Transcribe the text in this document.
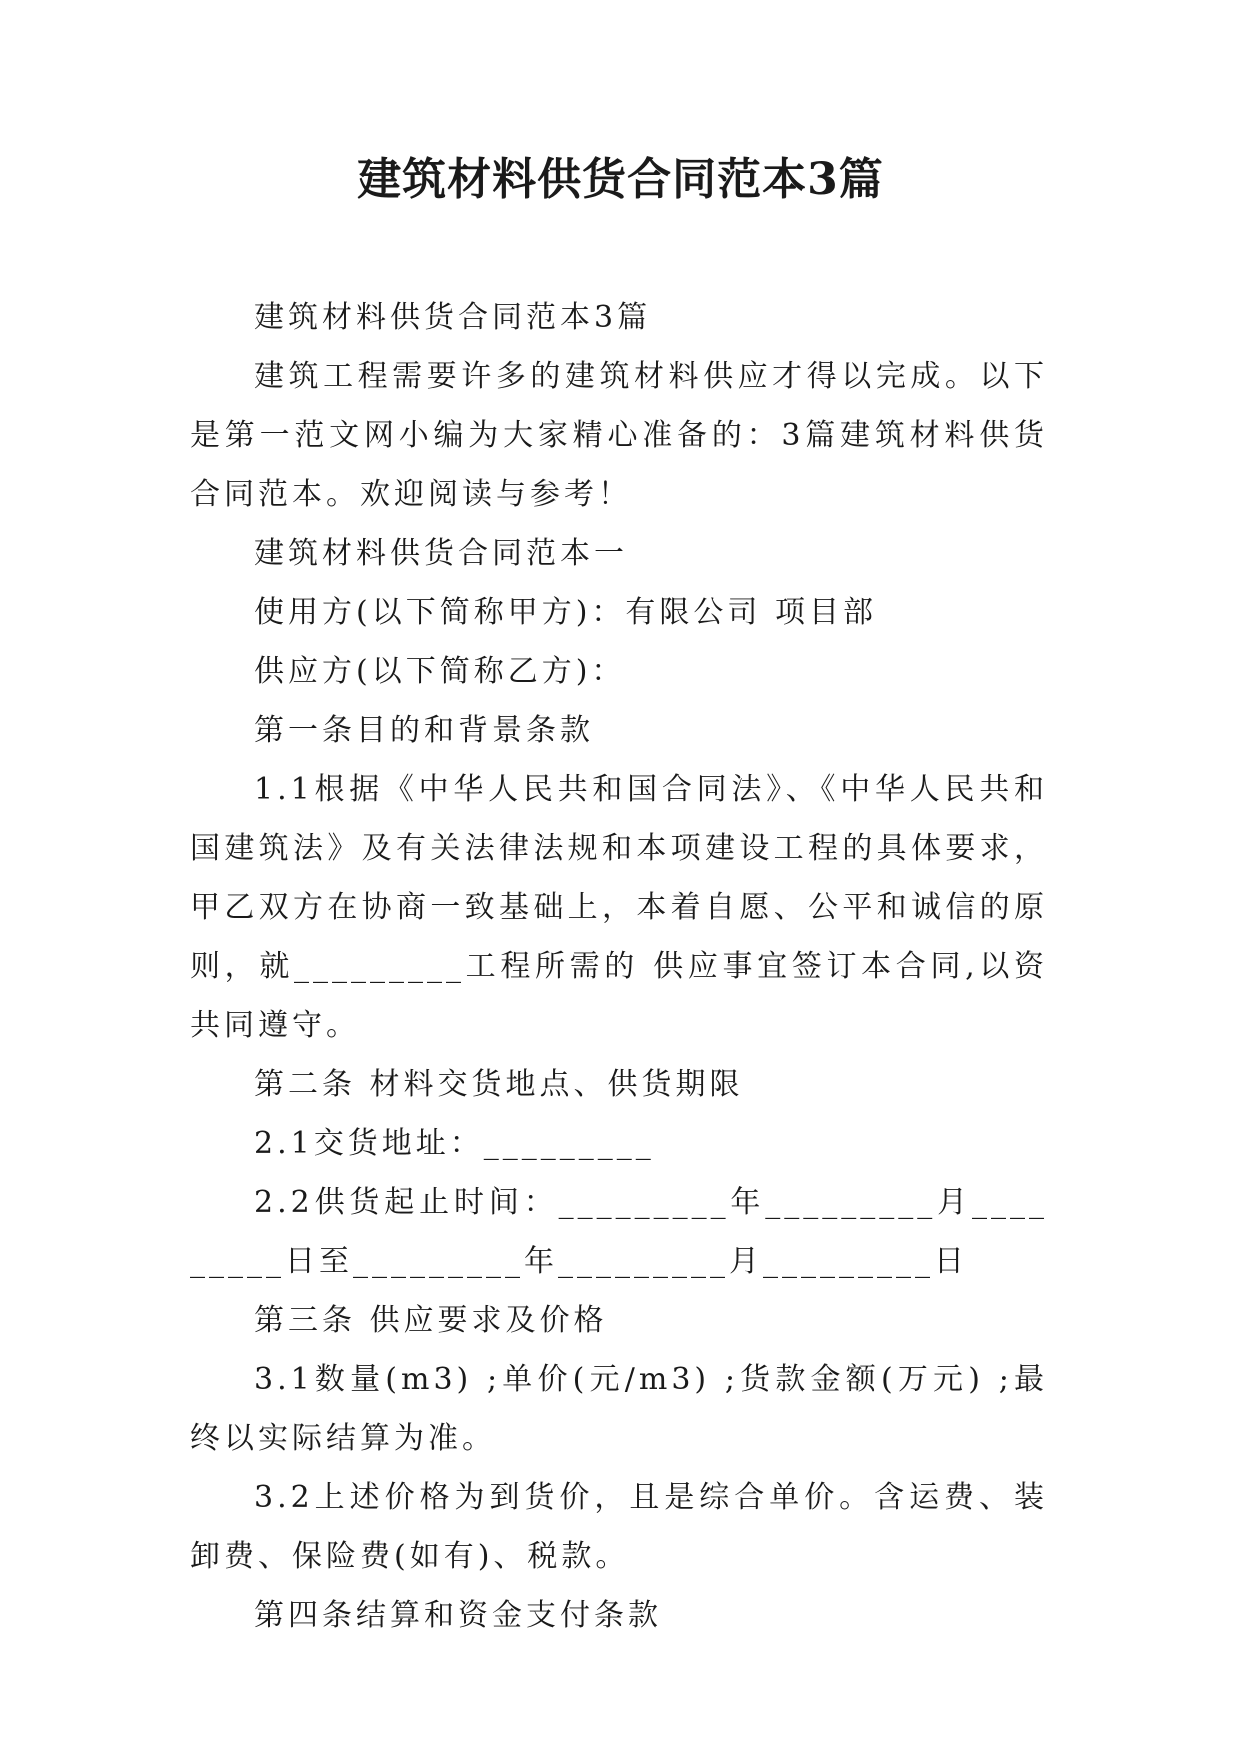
建筑材料供货合同范本3篇

建筑材料供货合同范本3篇

建筑工程需要许多的建筑材料供应才得以完成。以下是第一范文网小编为大家精心准备的：3篇建筑材料供货合同范本。欢迎阅读与参考！

建筑材料供货合同范本一

使用方(以下简称甲方)：有限公司 项目部

供应方(以下简称乙方)：

第一条目的和背景条款

1.1根据《中华人民共和国合同法》、《中华人民共和国建筑法》及有关法律法规和本项建设工程的具体要求，甲乙双方在协商一致基础上，本着自愿、公平和诚信的原则，就_________工程所需的 供应事宜签订本合同,以资共同遵守。

第二条 材料交货地点、供货期限

2.1交货地址：_________

2.2供货起止时间：_________年_________月_________日至_________年_________月_________日

第三条 供应要求及价格

3.1数量(m3) ;单价(元/m3) ;货款金额(万元) ;最终以实际结算为准。

3.2上述价格为到货价，且是综合单价。含运费、装卸费、保险费(如有)、税款。

第四条结算和资金支付条款
